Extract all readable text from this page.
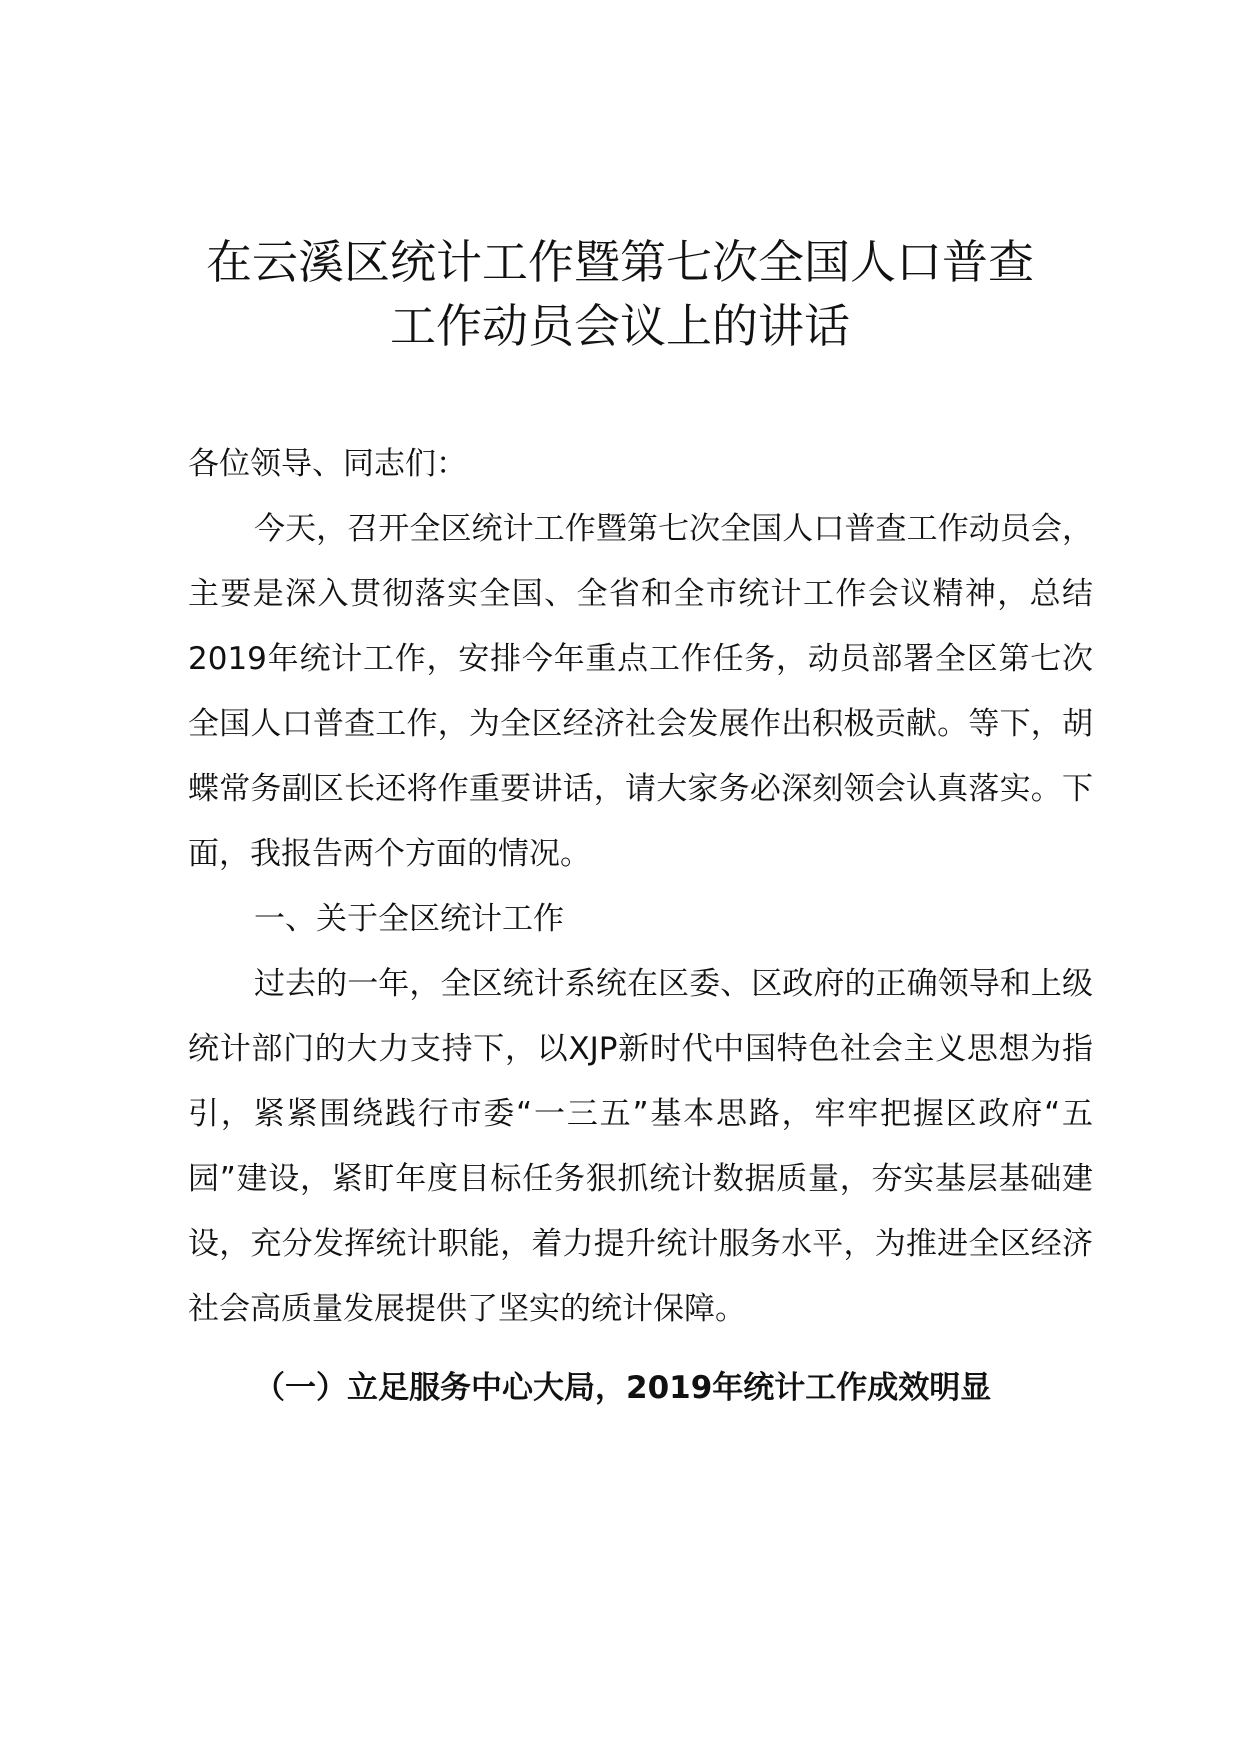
在云溪区统计工作暨第七次全国人口普查
工作动员会议上的讲话

各位领导、同志们：

今天，召开全区统计工作暨第七次全国人口普查工作动员会，主要是深入贯彻落实全国、全省和全市统计工作会议精神，总结2019年统计工作，安排今年重点工作任务，动员部署全区第七次全国人口普查工作，为全区经济社会发展作出积极贡献。等下，胡蝶常务副区长还将作重要讲话，请大家务必深刻领会认真落实。下面，我报告两个方面的情况。

一、关于全区统计工作

过去的一年，全区统计系统在区委、区政府的正确领导和上级统计部门的大力支持下，以XJP新时代中国特色社会主义思想为指引，紧紧围绕践行市委“一三五”基本思路，牢牢把握区政府“五园”建设，紧盯年度目标任务狠抓统计数据质量，夯实基层基础建设，充分发挥统计职能，着力提升统计服务水平，为推进全区经济社会高质量发展提供了坚实的统计保障。

（一）立足服务中心大局，2019年统计工作成效明显
